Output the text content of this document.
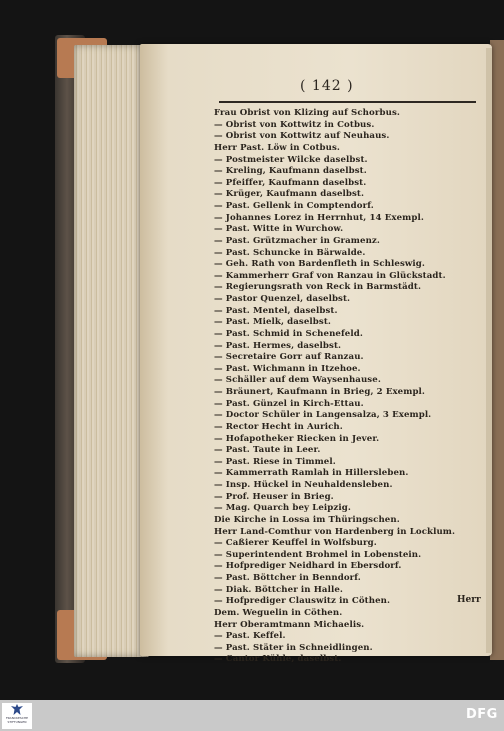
( 142 )
Frau Obrist von Klizing auf Schorbus.
— Obrist von Kottwitz in Cotbus.
— Obrist von Kottwitz auf Neuhaus.
Herr Past. Löw in Cotbus.
— Postmeister Wilcke daselbst.
— Kreling, Kaufmann daselbst.
— Pfeiffer, Kaufmann daselbst.
— Krüger, Kaufmann daselbst.
— Past. Gellenk in Comptendorf.
— Johannes Lorez in Herrnhut, 14 Exempl.
— Past. Witte in Wurchow.
— Past. Grützmacher in Gramenz.
— Past. Schuncke in Bärwalde.
— Geh. Rath von Bardenfleth in Schleswig.
— Kammerherr Graf von Ranzau in Glückstadt.
— Regierungsrath von Reck in Barmstädt.
— Pastor Quenzel, daselbst.
— Past. Mentel, daselbst.
— Past. Mielk, daselbst.
— Past. Schmid in Schenefeld.
— Past. Hermes, daselbst.
— Secretaire Gorr auf Ranzau.
— Past. Wichmann in Itzehoe.
— Schäller auf dem Waysenhause.
— Bräunert, Kaufmann in Brieg, 2 Exempl.
— Past. Günzel in Kirch-Ettau.
— Doctor Schüler in Langensalza, 3 Exempl.
— Rector Hecht in Aurich.
— Hofapotheker Riecken in Jever.
— Past. Taute in Leer.
— Past. Riese in Timmel.
— Kammerrath Ramlah in Hillersleben.
— Insp. Hückel in Neuhaldensleben.
— Prof. Heuser in Brieg.
— Mag. Quarch bey Leipzig.
Die Kirche in Lossa im Thüringschen.
Herr Land-Comthur von Hardenberg in Locklum.
— Caßierer Keuffel in Wolfsburg.
— Superintendent Brohmel in Lobenstein.
— Hofprediger Neidhard in Ebersdorf.
— Past. Böttcher in Benndorf.
— Diak. Böttcher in Halle.
— Hofprediger Clauswitz in Cöthen.
Dem. Weguelin in Cöthen.
Herr Oberamtmann Michaelis.
— Past. Keffel.
— Past. Stäter in Schneidlingen.
— Cantor Kühle, daselbst.
Herr
FRANCKESCHE STIFTUNGEN	DFG
